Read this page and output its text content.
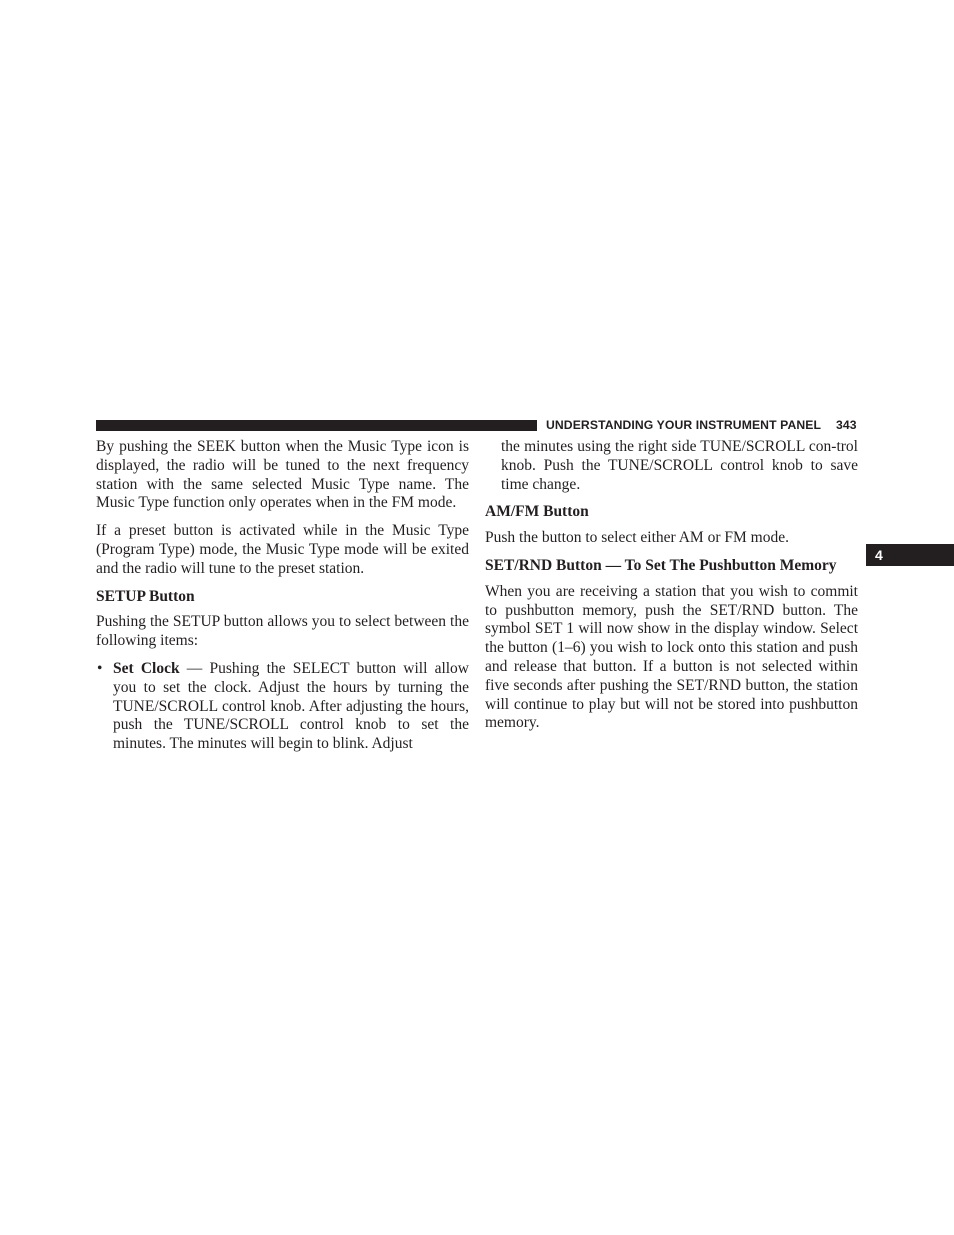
UNDERSTANDING YOUR INSTRUMENT PANEL 343
4

By pushing the SEEK button when the Music Type icon is displayed, the radio will be tuned to the next frequency station with the same selected Music Type name. The Music Type function only operates when in the FM mode.

If a preset button is activated while in the Music Type (Program Type) mode, the Music Type mode will be exited and the radio will tune to the preset station.

SETUP Button

Pushing the SETUP button allows you to select between the following items:

• Set Clock — Pushing the SELECT button will allow you to set the clock. Adjust the hours by turning the TUNE/SCROLL control knob. After adjusting the hours, push the TUNE/SCROLL control knob to set the minutes. The minutes will begin to blink. Adjust

the minutes using the right side TUNE/SCROLL con-trol knob. Push the TUNE/SCROLL control knob to save time change.

AM/FM Button

Push the button to select either AM or FM mode.

SET/RND Button — To Set The Pushbutton Memory

When you are receiving a station that you wish to commit to pushbutton memory, push the SET/RND button. The symbol SET 1 will now show in the display window. Select the button (1–6) you wish to lock onto this station and push and release that button. If a button is not selected within five seconds after pushing the SET/RND button, the station will continue to play but will not be stored into pushbutton memory.
